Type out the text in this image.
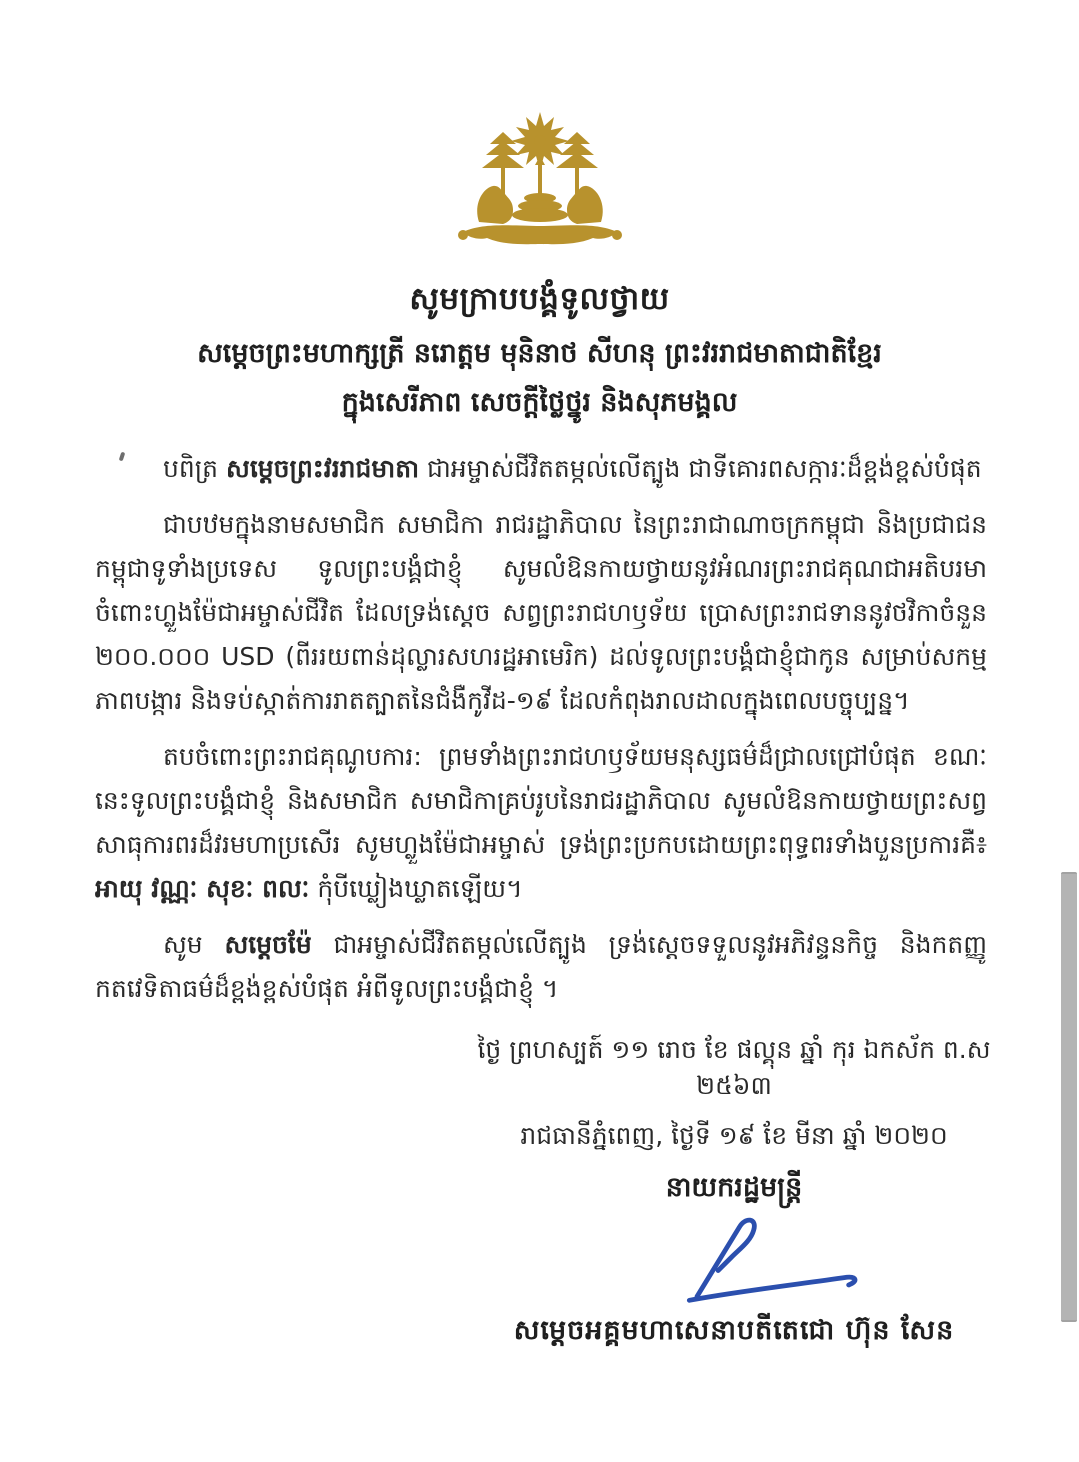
សូមក្រាបបង្គំទូលថ្វាយ
សម្តេចព្រះមហាក្សត្រី នរោត្តម មុនិនាថ សីហនុ ព្រះវររាជមាតាជាតិខ្មែរ
ក្នុងសេរីភាព សេចក្តីថ្លៃថ្នូរ និងសុភមង្គល

បពិត្រ សម្តេចព្រះវររាជមាតា ជាអម្ចាស់ជីវិតតម្កល់លើត្បូង ជាទីគោរពសក្ការៈដ៏ខ្ពង់ខ្ពស់បំផុត

ជាបឋមក្នុងនាមសមាជិក សមាជិកា រាជរដ្ឋាភិបាល នៃព្រះរាជាណាចក្រកម្ពុជា និងប្រជាជនកម្ពុជាទូទាំងប្រទេស ទូលព្រះបង្គំជាខ្ញុំ សូមលំឱនកាយថ្វាយនូវអំណរព្រះរាជគុណជាអតិបរមា ចំពោះហ្លួងម៉ែជាអម្ចាស់ជីវិត ដែលទ្រង់ស្តេច សព្វព្រះរាជហឫទ័យ ប្រោសព្រះរាជទាននូវថវិកាចំនួន ២០០.០០០ USD (ពីររយពាន់ដុល្លារសហរដ្ឋអាមេរិក) ដល់ទូលព្រះបង្គំជាខ្ញុំជាកូន សម្រាប់សកម្មភាពបង្ការ និងទប់ស្កាត់ការរាតត្បាតនៃជំងឺកូវីដ-១៩ ដែលកំពុងរាលដាលក្នុងពេលបច្ចុប្បន្ន។

តបចំពោះព្រះរាជគុណូបការ: ព្រមទាំងព្រះរាជហឫទ័យមនុស្សធម៌ដ៏ជ្រាលជ្រៅបំផុត ខណៈនេះទូលព្រះបង្គំជាខ្ញុំ និងសមាជិក សមាជិកាគ្រប់រូបនៃរាជរដ្ឋាភិបាល សូមលំឱនកាយថ្វាយព្រះសព្វសាធុការពរដ៏វរមហាប្រសើរ សូមហ្លួងម៉ែជាអម្ចាស់ ទ្រង់ព្រះប្រកបដោយព្រះពុទ្ធពរទាំងបួនប្រការគឺ៖ អាយុ វណ្ណៈ សុខៈ ពលៈ កុំបីឃ្លៀងឃ្លាតឡើយ។

សូម សម្តេចម៉ែ ជាអម្ចាស់ជីវិតតម្កល់លើត្បូង ទ្រង់ស្តេចទទួលនូវអភិវន្ទនកិច្ច និងកតញ្ញូ កតវេទិតាធម៌ដ៏ខ្ពង់ខ្ពស់បំផុត អំពីទូលព្រះបង្គំជាខ្ញុំ ។

ថ្ងៃ ព្រហស្បត៍ ១១ រោច ខែ ផល្គុន ឆ្នាំ កុរ ឯកស័ក ព.ស ២៥៦៣
រាជធានីភ្នំពេញ, ថ្ងៃទី ១៩ ខែ មីនា ឆ្នាំ ២០២០
នាយករដ្ឋមន្ត្រី
សម្តេចអគ្គមហាសេនាបតីតេជោ ហ៊ុន សែន
